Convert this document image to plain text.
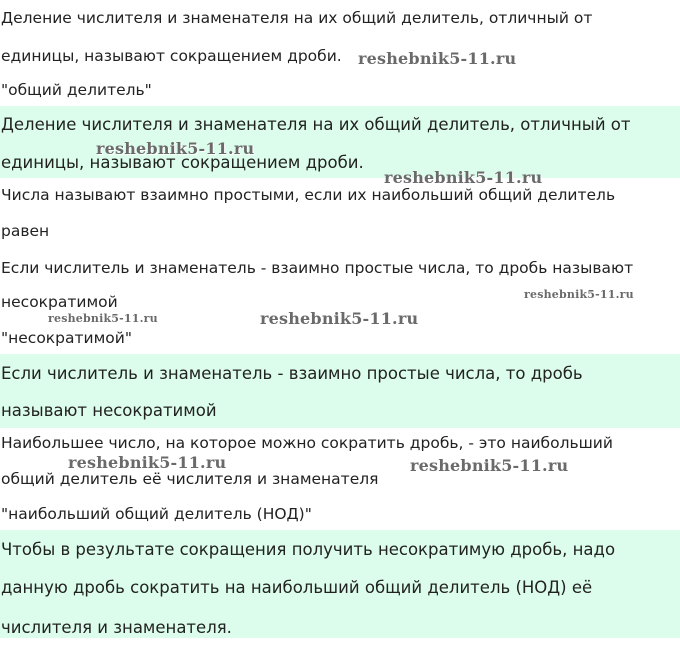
Деление числителя и знаменателя на их общий делитель, отличный от
единицы, называют сокращением дроби.
"общий делитель"
Деление числителя и знаменателя на их общий делитель, отличный от
единицы, называют сокращением дроби.
Числа называют взаимно простыми, если их наибольший общий делитель
равен
Если числитель и знаменатель - взаимно простые числа, то дробь называют
несократимой
"несократимой"
Если числитель и знаменатель - взаимно простые числа, то дробь
называют несократимой
Наибольшее число, на которое можно сократить дробь, - это наибольший
общий делитель её числителя и знаменателя
"наибольший общий делитель (НОД)"
Чтобы в результате сокращения получить несократимую дробь, надо
данную дробь сократить на наибольший общий делитель (НОД) её
числителя и знаменателя.
reshebnik5-11.ru
reshebnik5-11.ru
reshebnik5-11.ru
reshebnik5-11.ru
reshebnik5-11.ru	reshebnik5-11.ru
reshebnik5-11.ru	reshebnik5-11.ru
